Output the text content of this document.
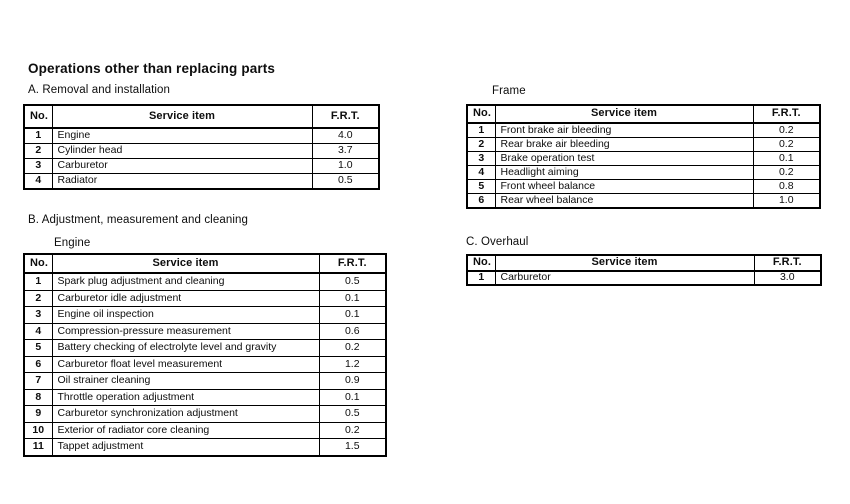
Operations other than replacing parts
A. Removal and installation
No.	Service item	F.R.T.
1	Engine	4.0
2	Cylinder head	3.7
3	Carburetor	1.0
4	Radiator	0.5
Frame
No.	Service item	F.R.T.
1	Front brake air bleeding	0.2
2	Rear brake air bleeding	0.2
3	Brake operation test	0.1
4	Headlight aiming	0.2
5	Front wheel balance	0.8
6	Rear wheel balance	1.0
B. Adjustment, measurement and cleaning
Engine
No.	Service item	F.R.T.
1	Spark plug adjustment and cleaning	0.5
2	Carburetor idle adjustment	0.1
3	Engine oil inspection	0.1
4	Compression-pressure measurement	0.6
5	Battery checking of electrolyte level and gravity	0.2
6	Carburetor float level measurement	1.2
7	Oil strainer cleaning	0.9
8	Throttle operation adjustment	0.1
9	Carburetor synchronization adjustment	0.5
10	Exterior of radiator core cleaning	0.2
11	Tappet adjustment	1.5
C. Overhaul
No.	Service item	F.R.T.
1	Carburetor	3.0
